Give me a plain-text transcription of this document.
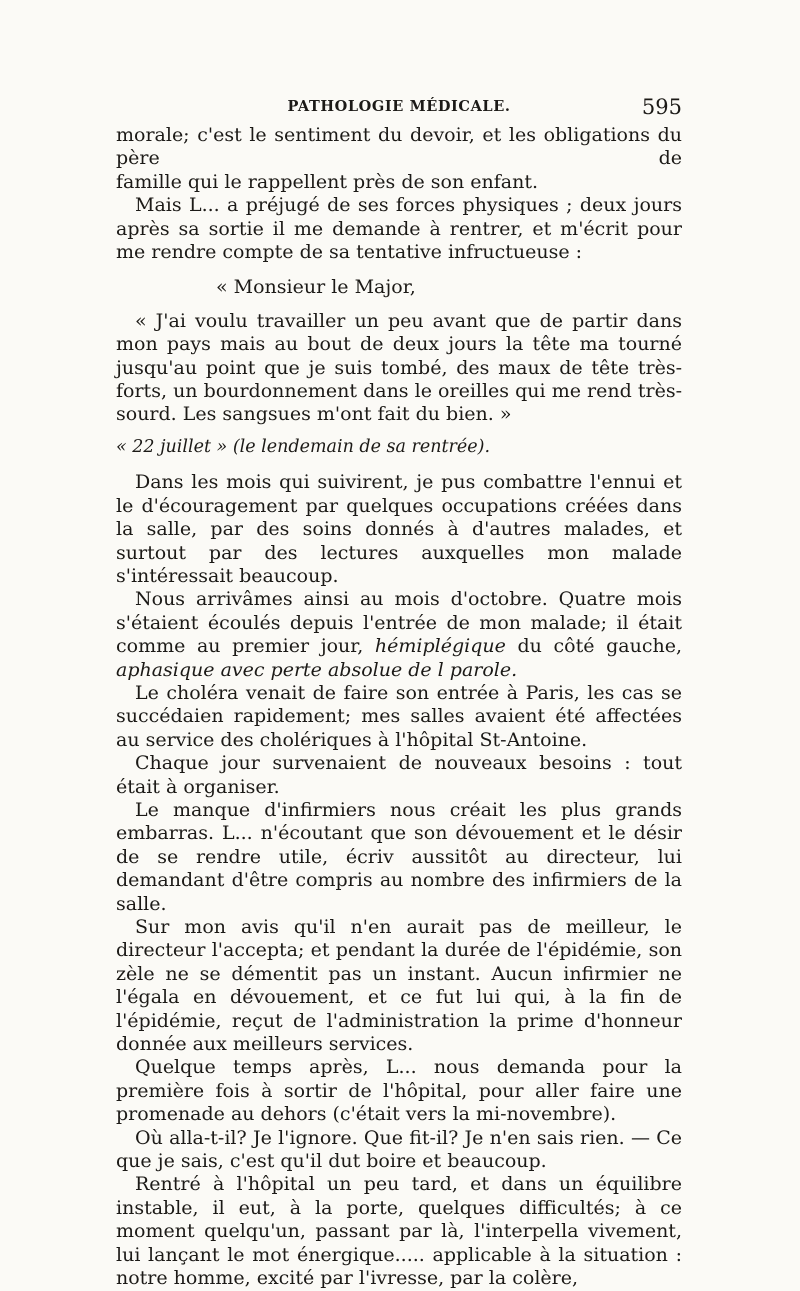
PATHOLOGIE MÉDICALE.	595

morale; c'est le sentiment du devoir, et les obligations du père de

famille qui le rappellent près de son enfant.

Mais L... a préjugé de ses forces physiques ; deux jours après sa sortie il me demande à rentrer, et m'écrit pour me rendre compte de sa tentative infructueuse :

« Monsieur le Major,

« J'ai voulu travailler un peu avant que de partir dans mon pays mais au bout de deux jours la tête ma tourné jusqu'au point que je suis tombé, des maux de tête très-forts, un bourdonnement dans le oreilles qui me rend très-sourd. Les sangsues m'ont fait du bien. »

« 22 juillet » (le lendemain de sa rentrée).

Dans les mois qui suivirent, je pus combattre l'ennui et le d'écouragement par quelques occupations créées dans la salle, par des soins donnés à d'autres malades, et surtout par des lectures auxquelles mon malade s'intéressait beaucoup.

Nous arrivâmes ainsi au mois d'octobre. Quatre mois s'étaient écoulés depuis l'entrée de mon malade; il était comme au premier jour, hémiplégique du côté gauche, aphasique avec perte absolue de l parole.

Le choléra venait de faire son entrée à Paris, les cas se succédaien rapidement; mes salles avaient été affectées au service des cholériques à l'hôpital St-Antoine.

Chaque jour survenaient de nouveaux besoins : tout était à organiser.

Le manque d'infirmiers nous créait les plus grands embarras. L... n'écoutant que son dévouement et le désir de se rendre utile, écriv aussitôt au directeur, lui demandant d'être compris au nombre des infirmiers de la salle.

Sur mon avis qu'il n'en aurait pas de meilleur, le directeur l'accepta; et pendant la durée de l'épidémie, son zèle ne se démentit pas un instant. Aucun infirmier ne l'égala en dévouement, et ce fut lui qui, à la fin de l'épidémie, reçut de l'administration la prime d'honneur donnée aux meilleurs services.

Quelque temps après, L... nous demanda pour la première fois à sortir de l'hôpital, pour aller faire une promenade au dehors (c'était vers la mi-novembre).

Où alla-t-il? Je l'ignore. Que fit-il? Je n'en sais rien. — Ce que je sais, c'est qu'il dut boire et beaucoup.

Rentré à l'hôpital un peu tard, et dans un équilibre instable, il eut, à la porte, quelques difficultés; à ce moment quelqu'un, passant par là, l'interpella vivement, lui lançant le mot énergique..... applicable à la situation : notre homme, excité par l'ivresse, par la colère,
